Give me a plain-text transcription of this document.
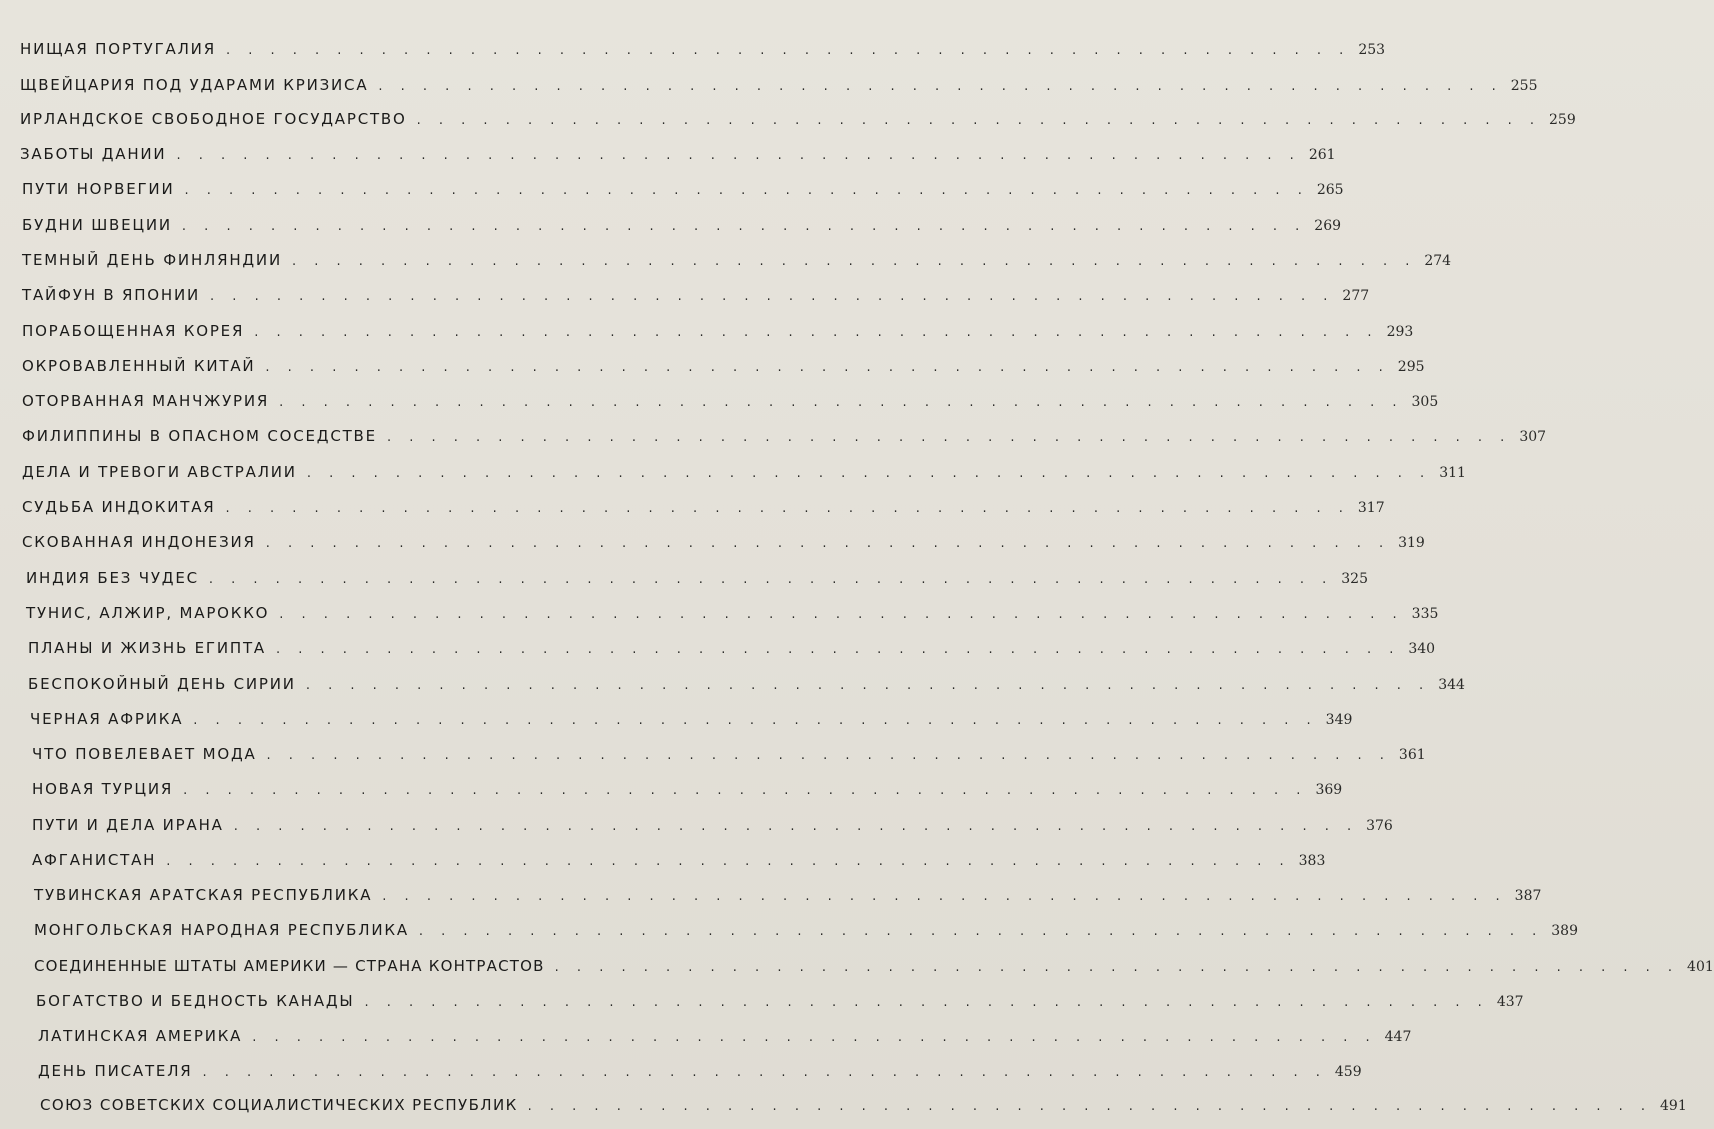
НИЩАЯ ПОРТУГАЛИЯ . . . . . . . . . . . . . . . . . . . . . . . . . . . . . . . . . . . . . . . . . . . . . . . . . . . 253
ЩВЕЙЦАРИЯ ПОД УДАРАМИ КРИЗИСА . . . . . . . . . . . . . . . . . . . . . . . . . . . . . . . . . . . . . . . . . . . . . . . . . . . 255
ИРЛАНДСКОЕ СВОБОДНОЕ ГОСУДАРСТВО . . . . . . . . . . . . . . . . . . . . . . . . . . . . . . . . . . . . . . . . . . . . . . . . . . . 259
ЗАБОТЫ ДАНИИ . . . . . . . . . . . . . . . . . . . . . . . . . . . . . . . . . . . . . . . . . . . . . . . . . . . 261
ПУТИ НОРВЕГИИ . . . . . . . . . . . . . . . . . . . . . . . . . . . . . . . . . . . . . . . . . . . . . . . . . . . 265
БУДНИ ШВЕЦИИ . . . . . . . . . . . . . . . . . . . . . . . . . . . . . . . . . . . . . . . . . . . . . . . . . . . 269
ТЕМНЫЙ ДЕНЬ ФИНЛЯНДИИ . . . . . . . . . . . . . . . . . . . . . . . . . . . . . . . . . . . . . . . . . . . . . . . . . . . 274
ТАЙФУН В ЯПОНИИ . . . . . . . . . . . . . . . . . . . . . . . . . . . . . . . . . . . . . . . . . . . . . . . . . . . 277
ПОРАБОЩЕННАЯ КОРЕЯ . . . . . . . . . . . . . . . . . . . . . . . . . . . . . . . . . . . . . . . . . . . . . . . . . . . 293
ОКРОВАВЛЕННЫЙ КИТАЙ . . . . . . . . . . . . . . . . . . . . . . . . . . . . . . . . . . . . . . . . . . . . . . . . . . . 295
ОТОРВАННАЯ МАНЧЖУРИЯ . . . . . . . . . . . . . . . . . . . . . . . . . . . . . . . . . . . . . . . . . . . . . . . . . . . 305
ФИЛИППИНЫ В ОПАСНОМ СОСЕДСТВЕ . . . . . . . . . . . . . . . . . . . . . . . . . . . . . . . . . . . . . . . . . . . . . . . . . . . 307
ДЕЛА И ТРЕВОГИ АВСТРАЛИИ . . . . . . . . . . . . . . . . . . . . . . . . . . . . . . . . . . . . . . . . . . . . . . . . . . . 311
СУДЬБА ИНДОКИТАЯ . . . . . . . . . . . . . . . . . . . . . . . . . . . . . . . . . . . . . . . . . . . . . . . . . . . 317
СКОВАННАЯ ИНДОНЕЗИЯ . . . . . . . . . . . . . . . . . . . . . . . . . . . . . . . . . . . . . . . . . . . . . . . . . . . 319
ИНДИЯ БЕЗ ЧУДЕС . . . . . . . . . . . . . . . . . . . . . . . . . . . . . . . . . . . . . . . . . . . . . . . . . . . 325
ТУНИС, АЛЖИР, МАРОККО . . . . . . . . . . . . . . . . . . . . . . . . . . . . . . . . . . . . . . . . . . . . . . . . . . . 335
ПЛАНЫ И ЖИЗНЬ ЕГИПТА . . . . . . . . . . . . . . . . . . . . . . . . . . . . . . . . . . . . . . . . . . . . . . . . . . . 340
БЕСПОКОЙНЫЙ ДЕНЬ СИРИИ . . . . . . . . . . . . . . . . . . . . . . . . . . . . . . . . . . . . . . . . . . . . . . . . . . . 344
ЧЕРНАЯ АФРИКА . . . . . . . . . . . . . . . . . . . . . . . . . . . . . . . . . . . . . . . . . . . . . . . . . . . 349
ЧТО ПОВЕЛЕВАЕТ МОДА . . . . . . . . . . . . . . . . . . . . . . . . . . . . . . . . . . . . . . . . . . . . . . . . . . . 361
НОВАЯ ТУРЦИЯ . . . . . . . . . . . . . . . . . . . . . . . . . . . . . . . . . . . . . . . . . . . . . . . . . . . 369
ПУТИ И ДЕЛА ИРАНА . . . . . . . . . . . . . . . . . . . . . . . . . . . . . . . . . . . . . . . . . . . . . . . . . . . 376
АФГАНИСТАН . . . . . . . . . . . . . . . . . . . . . . . . . . . . . . . . . . . . . . . . . . . . . . . . . . . 383
ТУВИНСКАЯ АРАТСКАЯ РЕСПУБЛИКА . . . . . . . . . . . . . . . . . . . . . . . . . . . . . . . . . . . . . . . . . . . . . . . . . . . 387
МОНГОЛЬСКАЯ НАРОДНАЯ РЕСПУБЛИКА . . . . . . . . . . . . . . . . . . . . . . . . . . . . . . . . . . . . . . . . . . . . . . . . . . . 389
СОЕДИНЕННЫЕ ШТАТЫ АМЕРИКИ — СТРАНА КОНТРАСТОВ . . . . . . . . . . . . . . . . . . . . . . . . . . . . . . . . . . . . . . . . . . . . . . . . . . . 401
БОГАТСТВО И БЕДНОСТЬ КАНАДЫ . . . . . . . . . . . . . . . . . . . . . . . . . . . . . . . . . . . . . . . . . . . . . . . . . . . 437
ЛАТИНСКАЯ АМЕРИКА . . . . . . . . . . . . . . . . . . . . . . . . . . . . . . . . . . . . . . . . . . . . . . . . . . . 447
ДЕНЬ ПИСАТЕЛЯ . . . . . . . . . . . . . . . . . . . . . . . . . . . . . . . . . . . . . . . . . . . . . . . . . . . 459
СОЮЗ СОВЕТСКИХ СОЦИАЛИСТИЧЕСКИХ РЕСПУБЛИК . . . . . . . . . . . . . . . . . . . . . . . . . . . . . . . . . . . . . . . . . . . . . . . . . . . 491
